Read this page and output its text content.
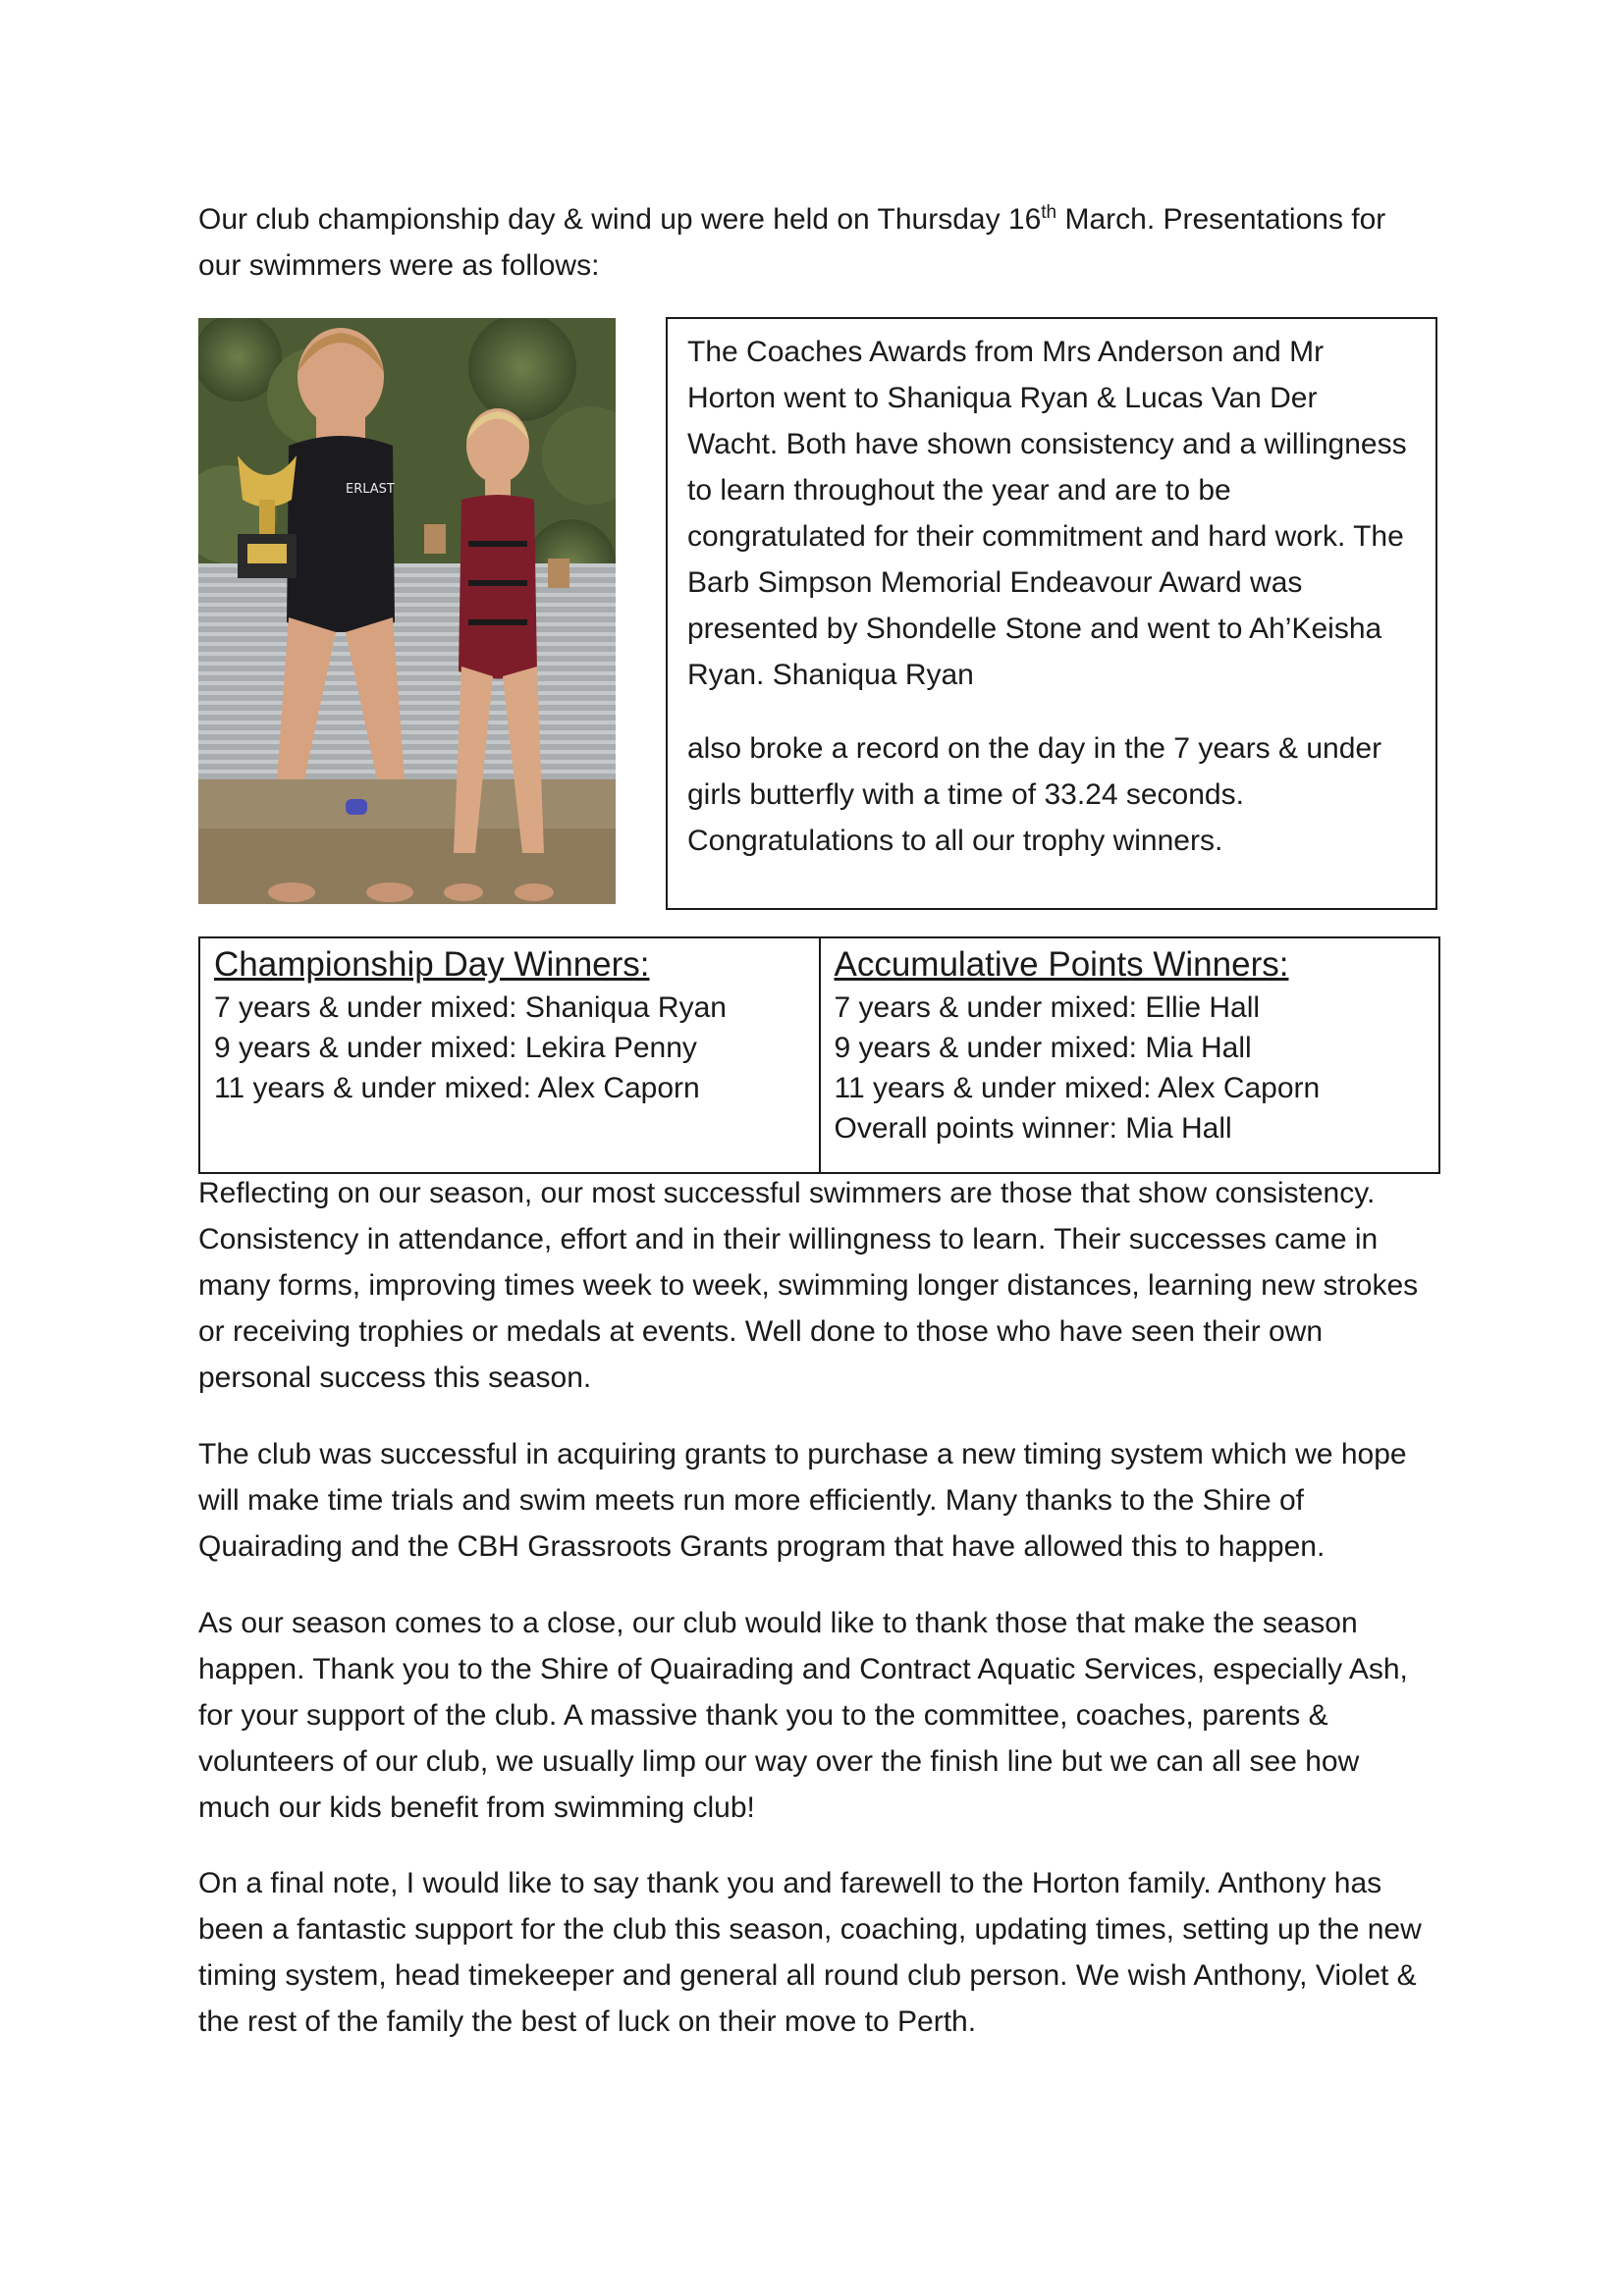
Our club championship day & wind up were held on Thursday 16th March. Presentations for our swimmers were as follows:

ERLAST

The Coaches Awards from Mrs Anderson and Mr Horton went to Shaniqua Ryan & Lucas Van Der Wacht. Both have shown consistency and a willingness to learn throughout the year and are to be congratulated for their commitment and hard work. The Barb Simpson Memorial Endeavour Award was presented by Shondelle Stone and went to Ah’Keisha Ryan. Shaniqua Ryan

also broke a record on the day in the 7 years & under girls butterfly with a time of 33.24 seconds. Congratulations to all our trophy winners.

Championship Day Winners:
7 years & under mixed: Shaniqua Ryan
9 years & under mixed: Lekira Penny
11 years & under mixed: Alex Caporn

Accumulative Points Winners:
7 years & under mixed: Ellie Hall
9 years & under mixed: Mia Hall
11 years & under mixed: Alex Caporn
Overall points winner: Mia Hall

Reflecting on our season, our most successful swimmers are those that show consistency. Consistency in attendance, effort and in their willingness to learn. Their successes came in many forms, improving times week to week, swimming longer distances, learning new strokes or receiving trophies or medals at events. Well done to those who have seen their own personal success this season.

The club was successful in acquiring grants to purchase a new timing system which we hope will make time trials and swim meets run more efficiently. Many thanks to the Shire of Quairading and the CBH Grassroots Grants program that have allowed this to happen.

As our season comes to a close, our club would like to thank those that make the season happen. Thank you to the Shire of Quairading and Contract Aquatic Services, especially Ash, for your support of the club. A massive thank you to the committee, coaches, parents & volunteers of our club, we usually limp our way over the finish line but we can all see how much our kids benefit from swimming club!

On a final note, I would like to say thank you and farewell to the Horton family. Anthony has been a fantastic support for the club this season, coaching, updating times, setting up the new timing system, head timekeeper and general all round club person. We wish Anthony, Violet & the rest of the family the best of luck on their move to Perth.
